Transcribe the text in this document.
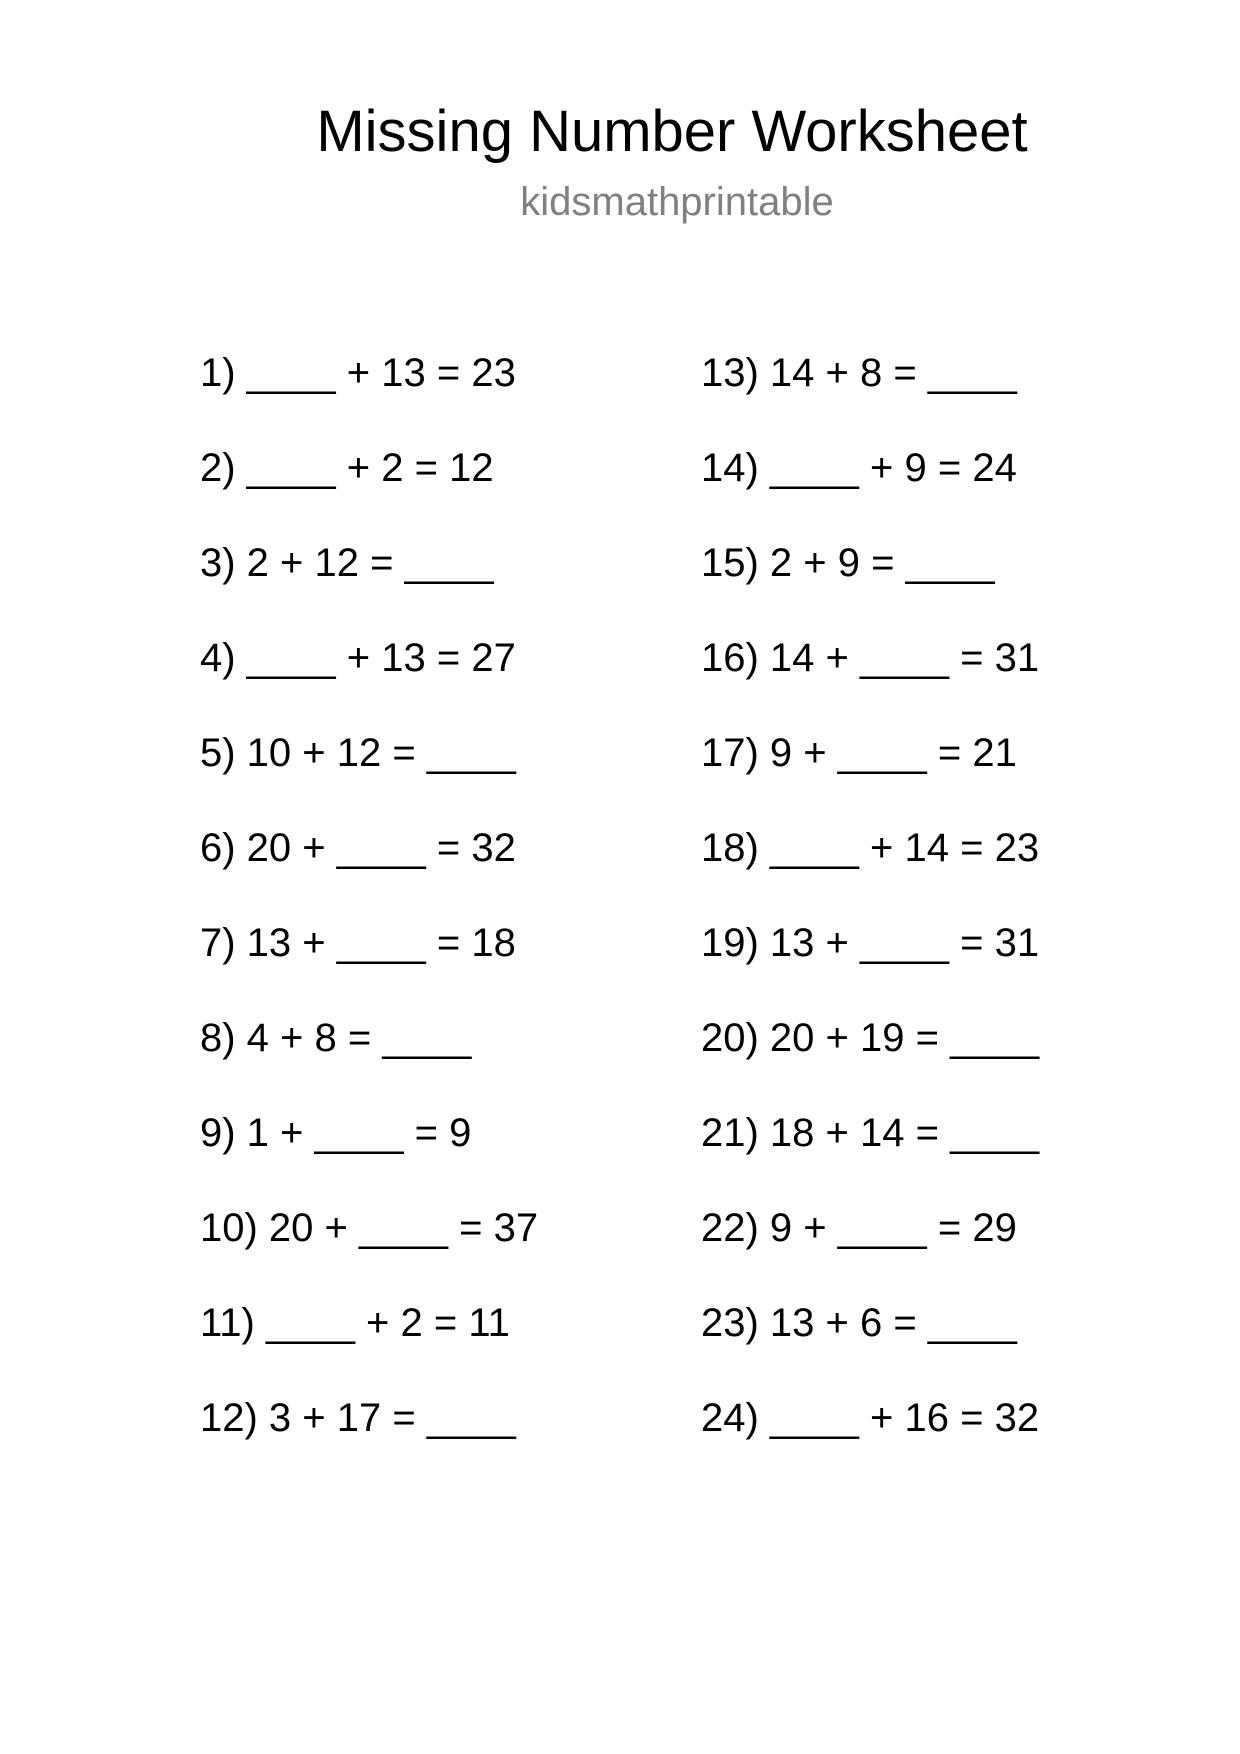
Missing Number Worksheet
kidsmathprintable
1) ____ + 13 = 23
2) ____ + 2 = 12
3) 2 + 12 = ____
4) ____ + 13 = 27
5) 10 + 12 = ____
6) 20 + ____ = 32
7) 13 + ____ = 18
8) 4 + 8 = ____
9) 1 + ____ = 9
10) 20 + ____ = 37
11) ____ + 2 = 11
12) 3 + 17 = ____
13) 14 + 8 = ____
14) ____ + 9 = 24
15) 2 + 9 = ____
16) 14 + ____ = 31
17) 9 + ____ = 21
18) ____ + 14 = 23
19) 13 + ____ = 31
20) 20 + 19 = ____
21) 18 + 14 = ____
22) 9 + ____ = 29
23) 13 + 6 = ____
24) ____ + 16 = 32
